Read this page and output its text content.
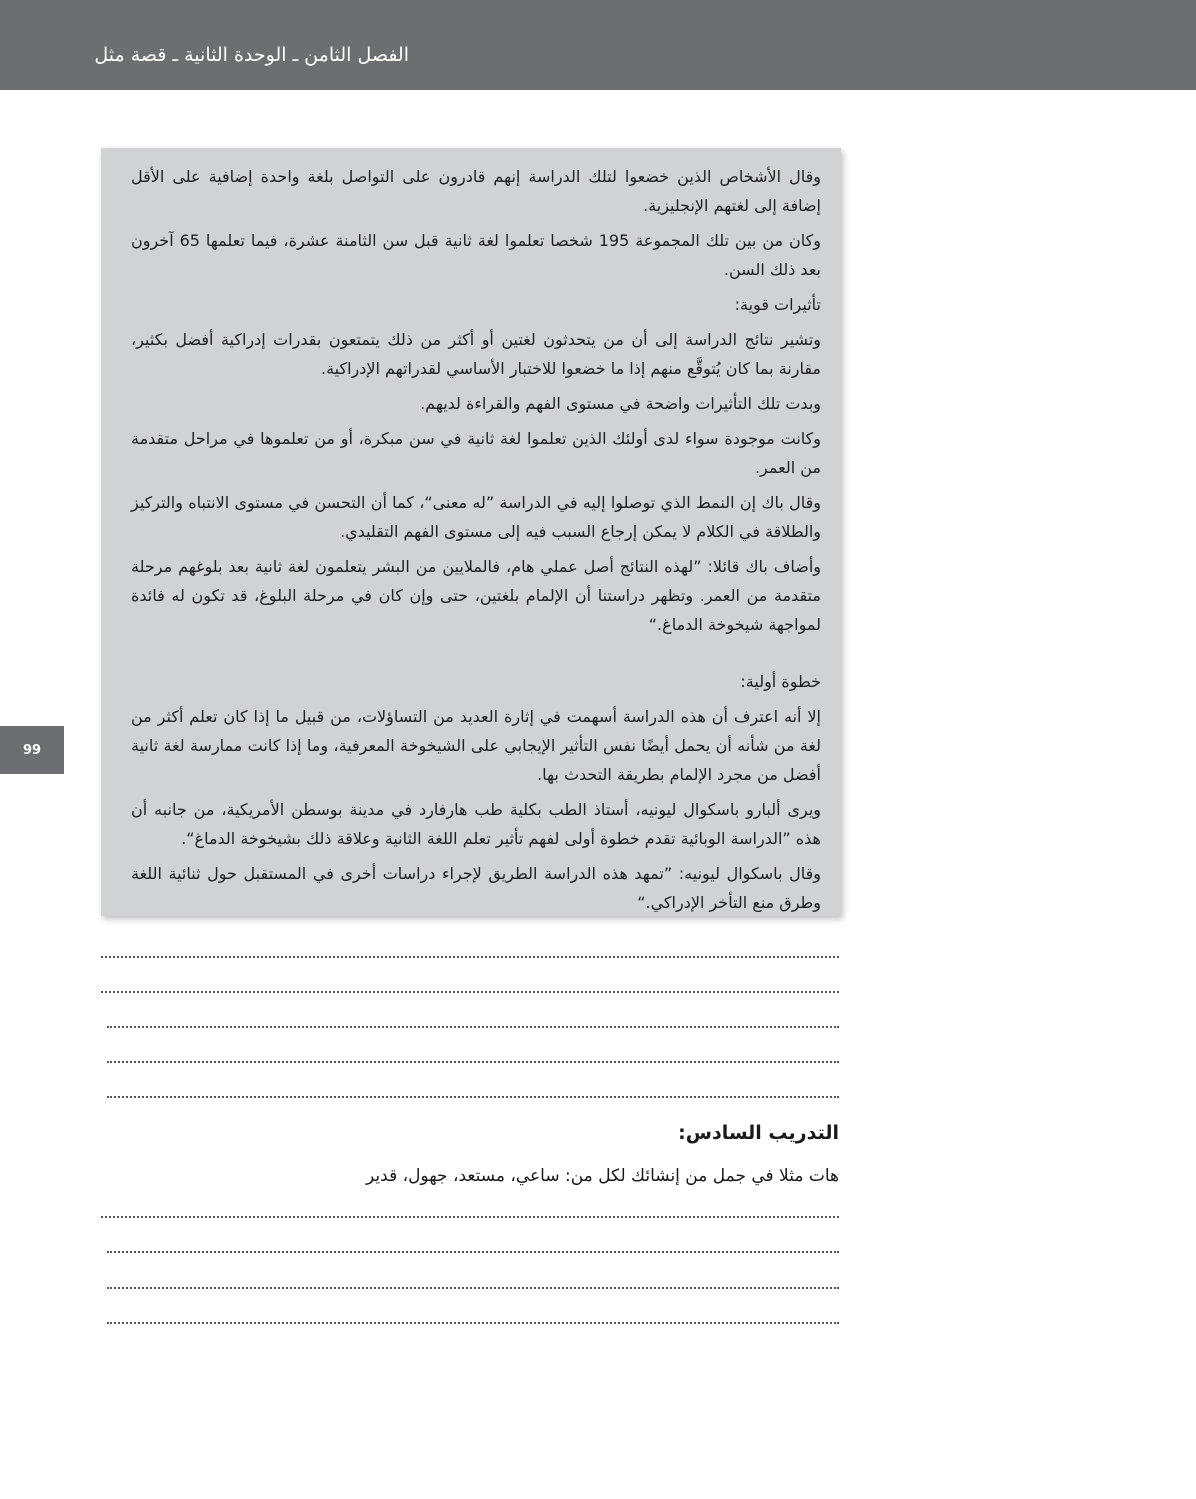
الفصل الثامن ـ الوحدة الثانية ـ قصة مثل
99

وقال الأشخاص الذين خضعوا لتلك الدراسة إنهم قادرون على التواصل بلغة واحدة إضافية على الأقل إضافة إلى لغتهم الإنجليزية.

وكان من بين تلك المجموعة 195 شخصا تعلموا لغة ثانية قبل سن الثامنة عشرة، فيما تعلمها 65 آخرون بعد ذلك السن.

تأثيرات قوية:

وتشير نتائج الدراسة إلى أن من يتحدثون لغتين أو أكثر من ذلك يتمتعون بقدرات إدراكية أفضل بكثير، مقارنة بما كان يُتوقَّع منهم إذا ما خضعوا للاختبار الأساسي لقدراتهم الإدراكية.

وبدت تلك التأثيرات واضحة في مستوى الفهم والقراءة لديهم.

وكانت موجودة سواء لدى أولئك الذين تعلموا لغة ثانية في سن مبكرة، أو من تعلموها في مراحل متقدمة من العمر.

وقال باك إن النمط الذي توصلوا إليه في الدراسة ”له معنى“، كما أن التحسن في مستوى الانتباه والتركيز والطلاقة في الكلام لا يمكن إرجاع السبب فيه إلى مستوى الفهم التقليدي.

وأضاف باك قائلا: ”لهذه النتائج أصل عملي هام، فالملايين من البشر يتعلمون لغة ثانية بعد بلوغهم مرحلة متقدمة من العمر. وتظهر دراستنا أن الإلمام بلغتين، حتى وإن كان في مرحلة البلوغ، قد تكون له فائدة لمواجهة شيخوخة الدماغ.“

خطوة أولية:

إلا أنه اعترف أن هذه الدراسة أسهمت في إثارة العديد من التساؤلات، من قبيل ما إذا كان تعلم أكثر من لغة من شأنه أن يحمل أيضًا نفس التأثير الإيجابي على الشيخوخة المعرفية، وما إذا كانت ممارسة لغة ثانية أفضل من مجرد الإلمام بطريقة التحدث بها.

ويرى ألبارو باسكوال ليونيه، أستاذ الطب بكلية طب هارفارد في مدينة بوسطن الأمريكية، من جانبه أن هذه ”الدراسة الوبائية تقدم خطوة أولى لفهم تأثير تعلم اللغة الثانية وعلاقة ذلك بشيخوخة الدماغ“.

وقال باسكوال ليونيه: ”تمهد هذه الدراسة الطريق لإجراء دراسات أخرى في المستقبل حول ثنائية اللغة وطرق منع التأخر الإدراكي.“

التدريب السادس:
هات مثلا في جمل من إنشائك لكل من: ساعي، مستعد، جهول، قدير
